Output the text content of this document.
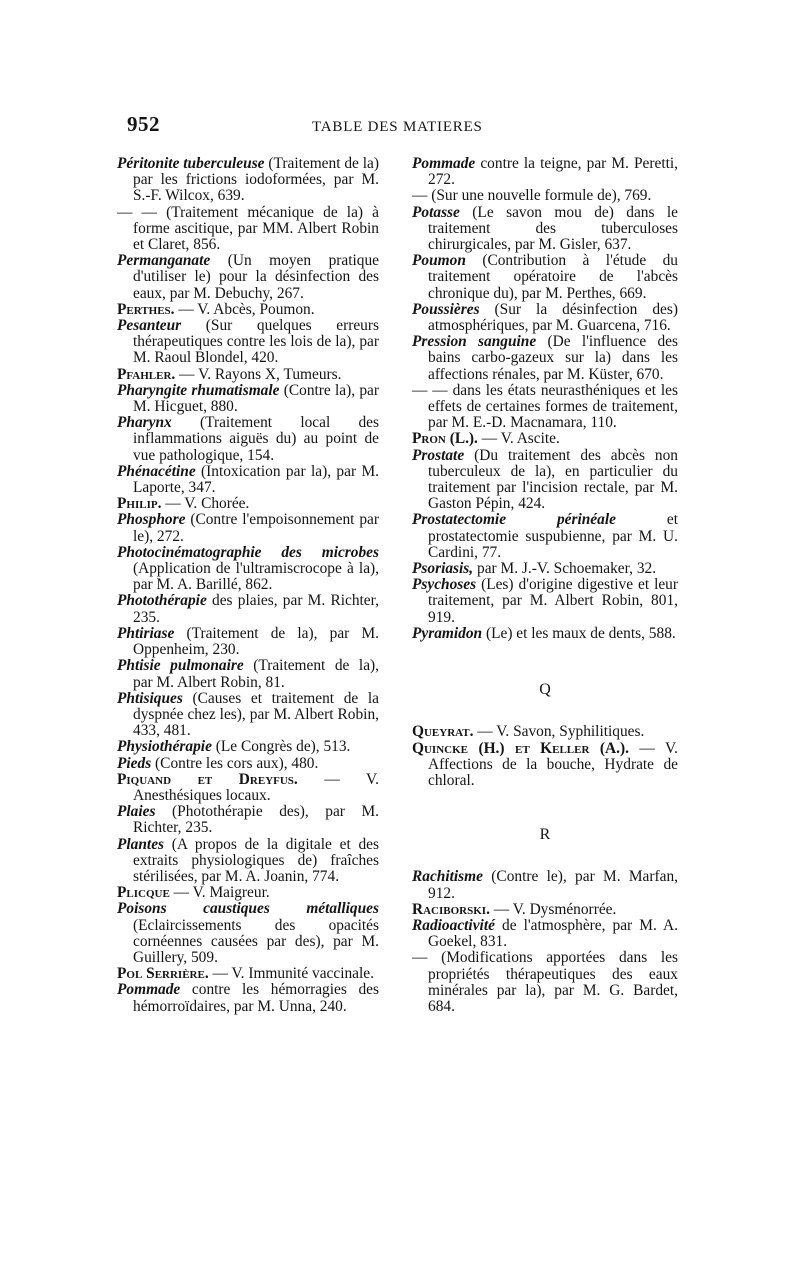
952	TABLE DES MATIERES
Péritonite tuberculeuse (Traitement de la) par les frictions iodoformées, par M. S.-F. Wilcox, 639.
— — (Traitement mécanique de la) à forme ascitique, par MM. Albert Robin et Claret, 856.
Permanganate (Un moyen pratique d'utiliser le) pour la désinfection des eaux, par M. Debuchy, 267.
Perthes. — V. Abcès, Poumon.
Pesanteur (Sur quelques erreurs thérapeutiques contre les lois de la), par M. Raoul Blondel, 420.
Pfahler. — V. Rayons X, Tumeurs.
Pharyngite rhumatismale (Contre la), par M. Hicguet, 880.
Pharynx (Traitement local des inflammations aiguës du) au point de vue pathologique, 154.
Phénacétine (Intoxication par la), par M. Laporte, 347.
Philip. — V. Chorée.
Phosphore (Contre l'empoisonnement par le), 272.
Photocinématographie des microbes (Application de l'ultramiscrocope à la), par M. A. Barillé, 862.
Photothérapie des plaies, par M. Richter, 235.
Phtiriase (Traitement de la), par M. Oppenheim, 230.
Phtisie pulmonaire (Traitement de la), par M. Albert Robin, 81.
Phtisiques (Causes et traitement de la dyspnée chez les), par M. Albert Robin, 433, 481.
Physiothérapie (Le Congrès de), 513.
Pieds (Contre les cors aux), 480.
Piquand et Dreyfus. — V. Anesthésiques locaux.
Plaies (Photothérapie des), par M. Richter, 235.
Plantes (A propos de la digitale et des extraits physiologiques de) fraîches stérilisées, par M. A. Joanin, 774.
Plicque — V. Maigreur.
Poisons caustiques métalliques (Eclaircissements des opacités cornéennes causées par des), par M. Guillery, 509.
Pol Serrière. — V. Immunité vaccinale.
Pommade contre les hémorragies des hémorroïdaires, par M. Unna, 240.
Pommade contre la teigne, par M. Peretti, 272.
— (Sur une nouvelle formule de), 769.
Potasse (Le savon mou de) dans le traitement des tuberculoses chirurgicales, par M. Gisler, 637.
Poumon (Contribution à l'étude du traitement opératoire de l'abcès chronique du), par M. Perthes, 669.
Poussières (Sur la désinfection des) atmosphériques, par M. Guarcena, 716.
Pression sanguine (De l'influence des bains carbo-gazeux sur la) dans les affections rénales, par M. Küster, 670.
— — dans les états neurasthéniques et les effets de certaines formes de traitement, par M. E.-D. Macnamara, 110.
Pron (L.). — V. Ascite.
Prostate (Du traitement des abcès non tuberculeux de la), en particulier du traitement par l'incision rectale, par M. Gaston Pépin, 424.
Prostatectomie périnéale et prostatectomie suspubienne, par M. U. Cardini, 77.
Psoriasis, par M. J.-V. Schoemaker, 32.
Psychoses (Les) d'origine digestive et leur traitement, par M. Albert Robin, 801, 919.
Pyramidon (Le) et les maux de dents, 588.
Q
Queyrat. — V. Savon, Syphilitiques.
Quincke (H.) et Keller (A.). — V. Affections de la bouche, Hydrate de chloral.
R
Rachitisme (Contre le), par M. Marfan, 912.
Raciborski. — V. Dysménorrée.
Radioactivité de l'atmosphère, par M. A. Goekel, 831.
— (Modifications apportées dans les propriétés thérapeutiques des eaux minérales par la), par M. G. Bardet, 684.
